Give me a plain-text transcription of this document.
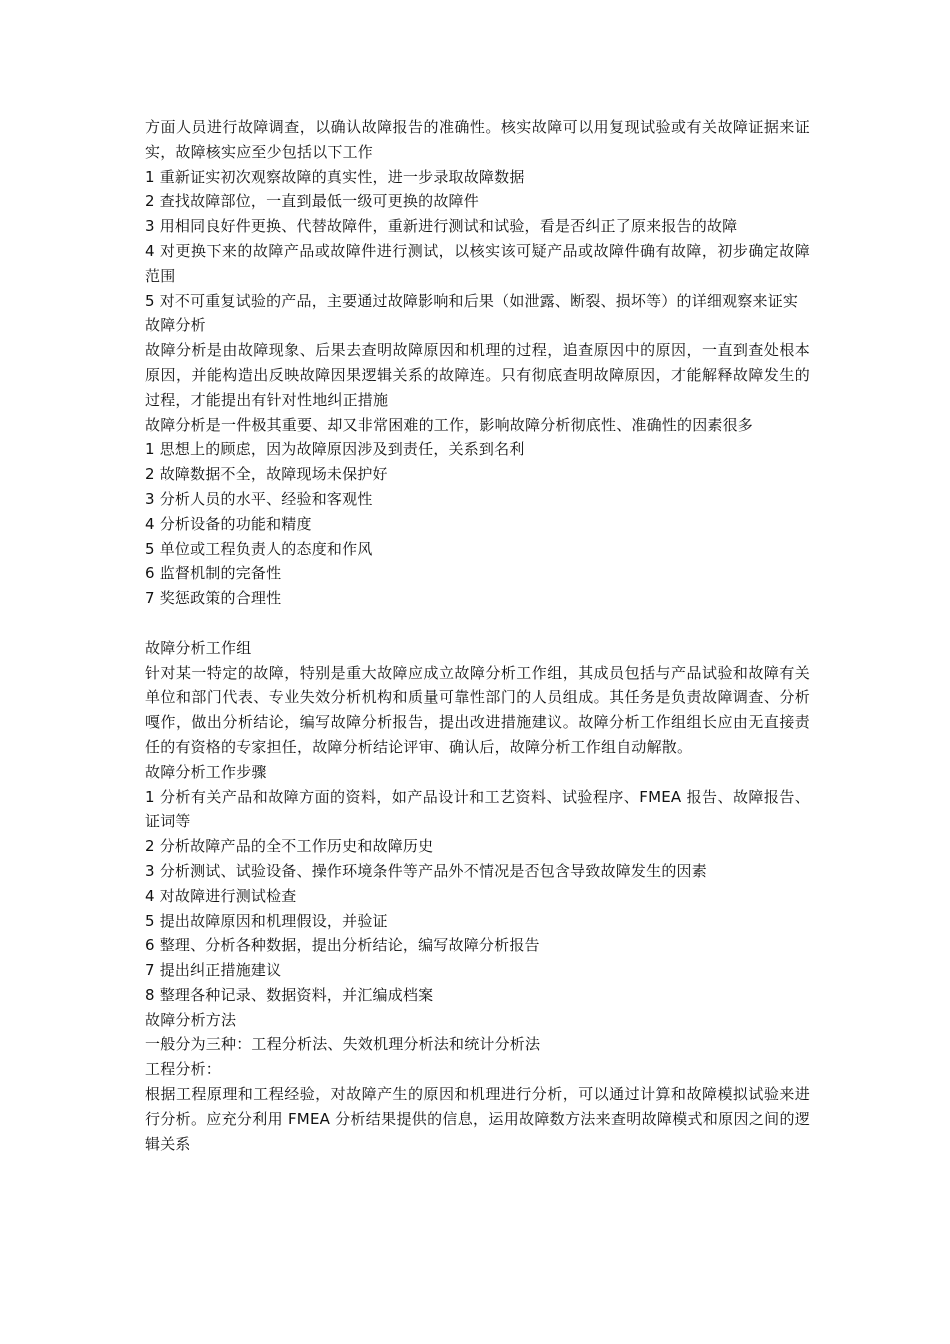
方面人员进行故障调查，以确认故障报告的准确性。核实故障可以用复现试验或有关故障证据来证实，故障核实应至少包括以下工作

1 重新证实初次观察故障的真实性，进一步录取故障数据

2 查找故障部位，一直到最低一级可更换的故障件

3 用相同良好件更换、代替故障件，重新进行测试和试验，看是否纠正了原来报告的故障

4 对更换下来的故障产品或故障件进行测试，以核实该可疑产品或故障件确有故障，初步确定故障范围

5 对不可重复试验的产品，主要通过故障影响和后果（如泄露、断裂、损坏等）的详细观察来证实

故障分析

故障分析是由故障现象、后果去查明故障原因和机理的过程，追查原因中的原因，一直到查处根本原因，并能构造出反映故障因果逻辑关系的故障连。只有彻底查明故障原因，才能解释故障发生的过程，才能提出有针对性地纠正措施

故障分析是一件极其重要、却又非常困难的工作，影响故障分析彻底性、准确性的因素很多

1 思想上的顾虑，因为故障原因涉及到责任，关系到名利

2 故障数据不全，故障现场未保护好

3 分析人员的水平、经验和客观性

4 分析设备的功能和精度

5 单位或工程负责人的态度和作风

6 监督机制的完备性

7 奖惩政策的合理性

故障分析工作组

针对某一特定的故障，特别是重大故障应成立故障分析工作组，其成员包括与产品试验和故障有关单位和部门代表、专业失效分析机构和质量可靠性部门的人员组成。其任务是负责故障调查、分析嘎作，做出分析结论，编写故障分析报告，提出改进措施建议。故障分析工作组组长应由无直接责任的有资格的专家担任，故障分析结论评审、确认后，故障分析工作组自动解散。

故障分析工作步骤

1 分析有关产品和故障方面的资料，如产品设计和工艺资料、试验程序、FMEA 报告、故障报告、证词等

2 分析故障产品的全不工作历史和故障历史

3 分析测试、试验设备、操作环境条件等产品外不情况是否包含导致故障发生的因素

4 对故障进行测试检查

5 提出故障原因和机理假设，并验证

6 整理、分析各种数据，提出分析结论，编写故障分析报告

7 提出纠正措施建议

8 整理各种记录、数据资料，并汇编成档案

故障分析方法

一般分为三种：工程分析法、失效机理分析法和统计分析法

工程分析：

根据工程原理和工程经验，对故障产生的原因和机理进行分析，可以通过计算和故障模拟试验来进行分析。应充分利用 FMEA 分析结果提供的信息，运用故障数方法来查明故障模式和原因之间的逻辑关系
